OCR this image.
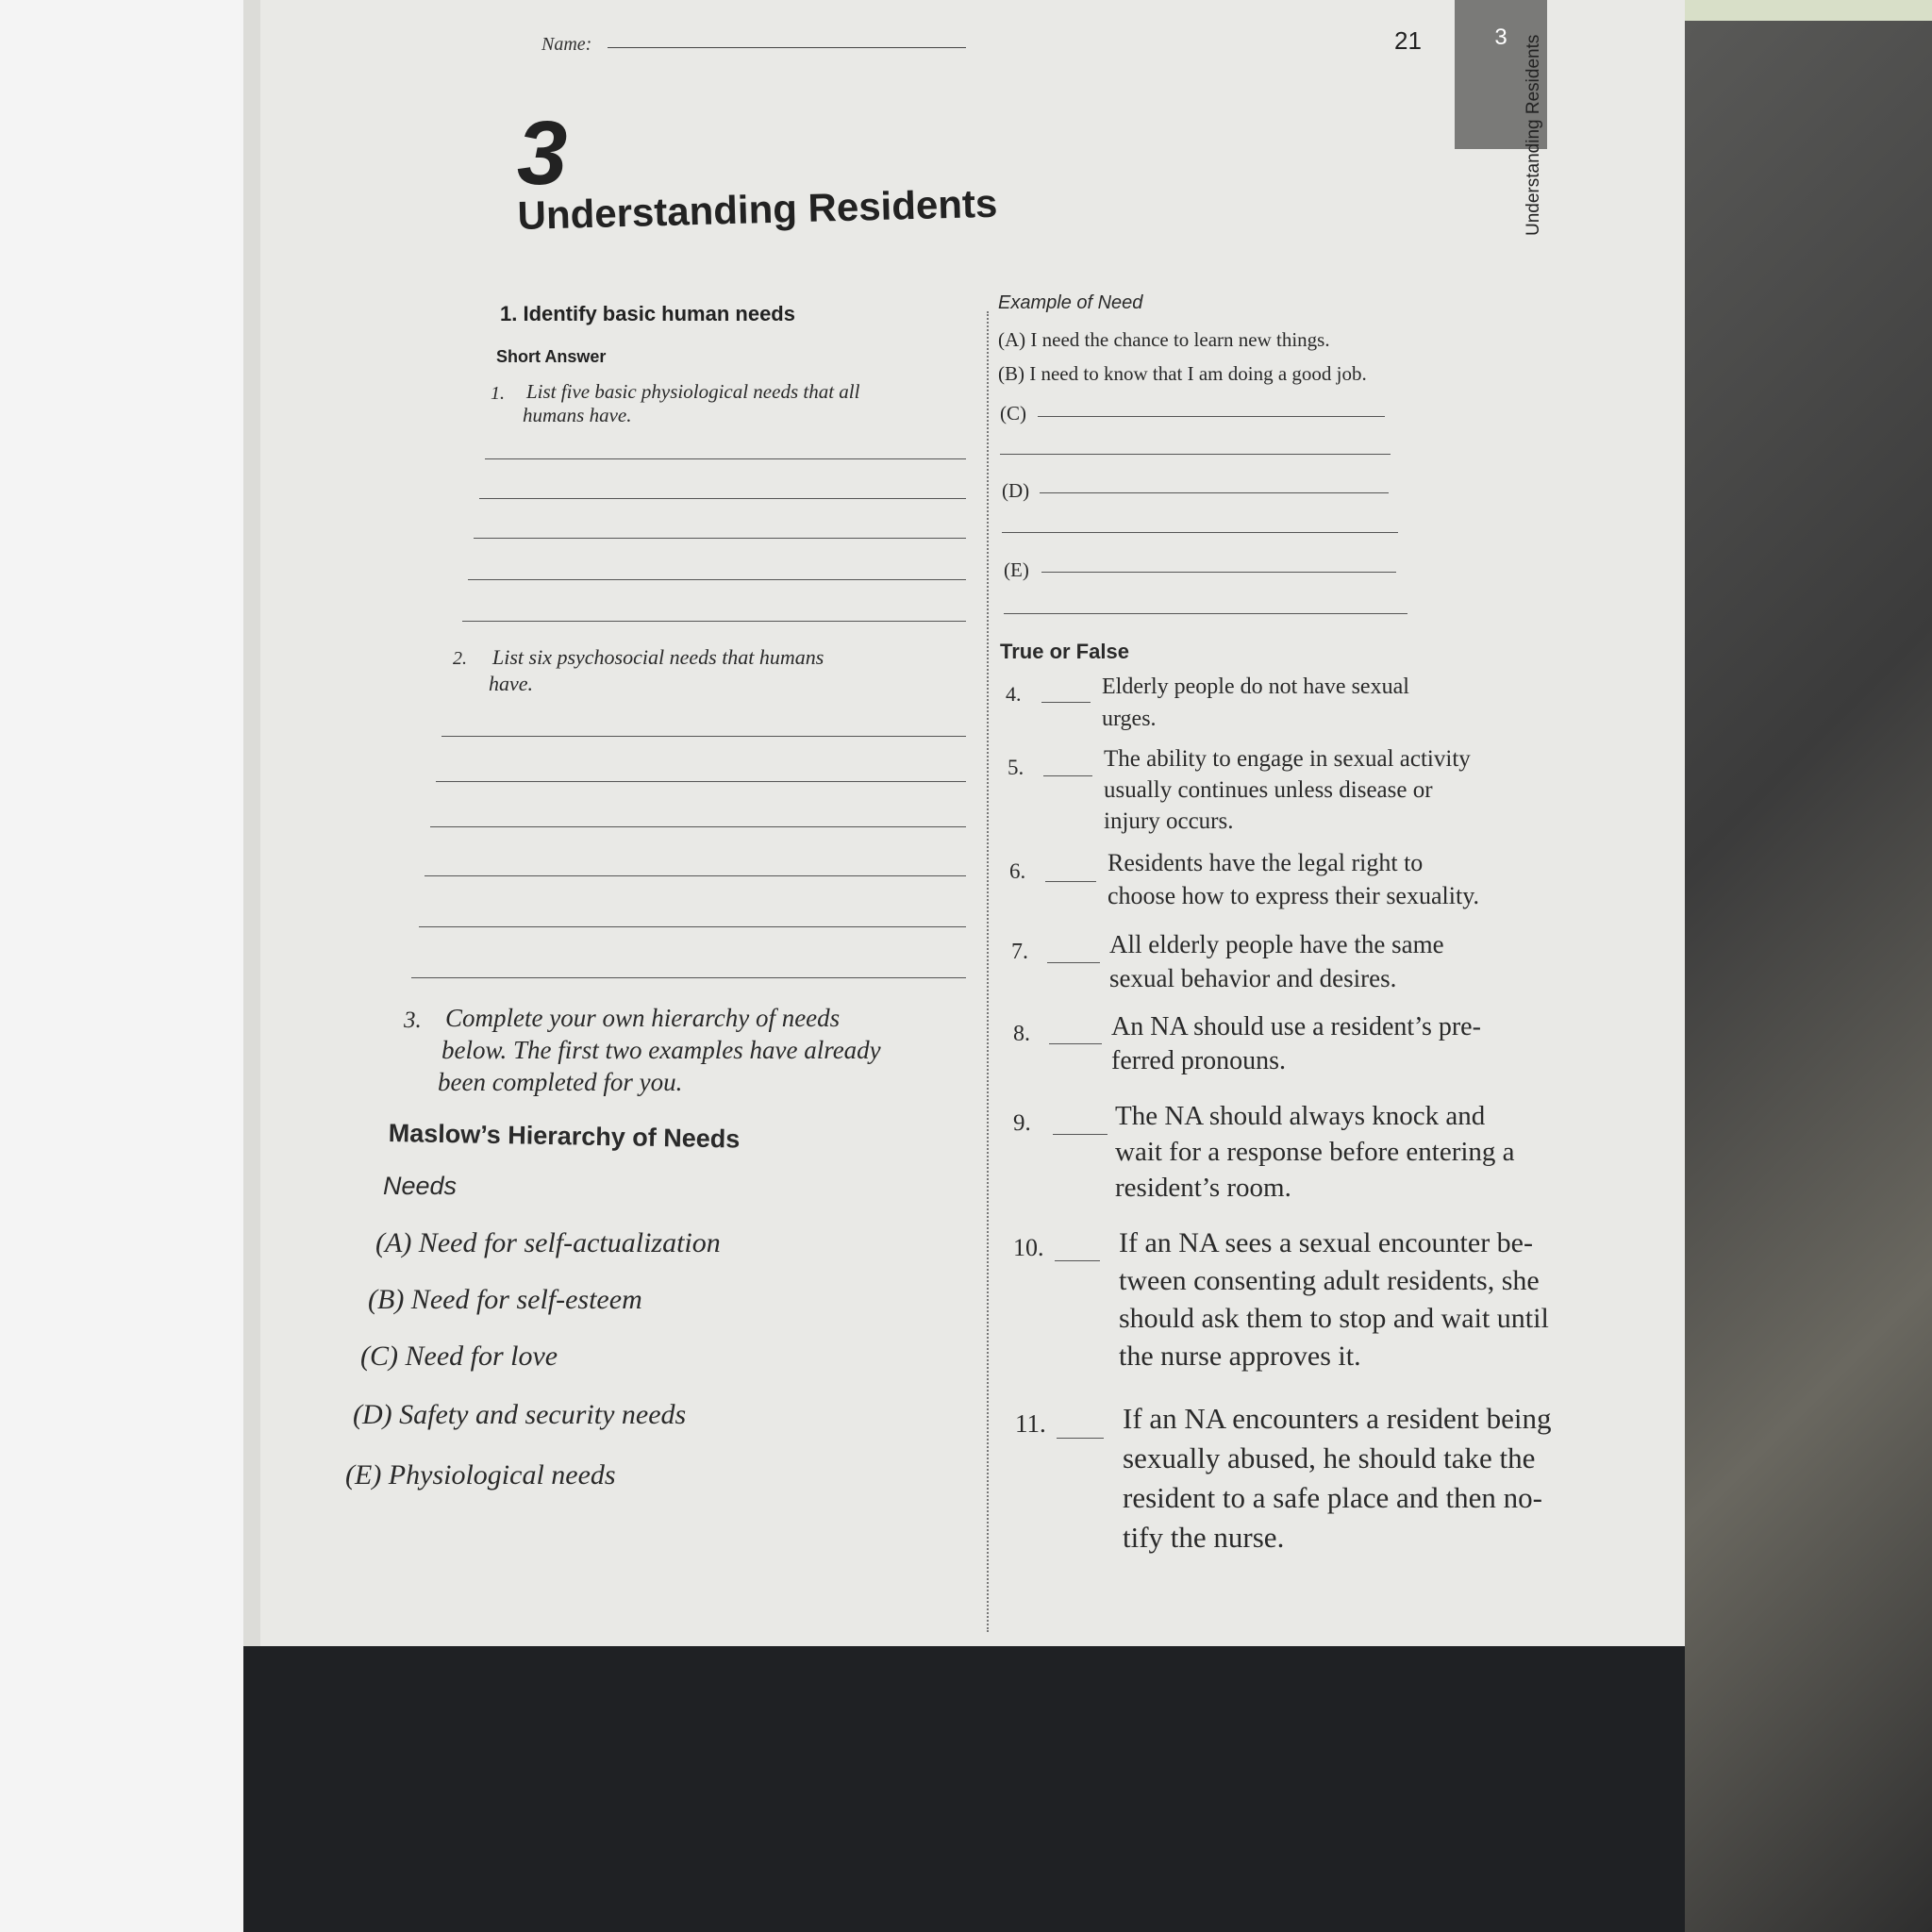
3 Understanding Residents
21
Name:
3
Understanding Residents
1. Identify basic human needs
Short Answer
1. List five basic physiological needs that all
humans have.
2. List six psychosocial needs that humans
have.
3. Complete your own hierarchy of needs
below. The first two examples have already
been completed for you.
Maslow’s Hierarchy of Needs
Needs
(A) Need for self-actualization
(B) Need for self-esteem
(C) Need for love
(D) Safety and security needs
(E) Physiological needs
Example of Need
(A) I need the chance to learn new things.
(B) I need to know that I am doing a good job.
(C)
(D)
(E)
True or False
4.	Elderly people do not have sexual
urges.
5.	The ability to engage in sexual activity
usually continues unless disease or
injury occurs.
6.	Residents have the legal right to
choose how to express their sexuality.
7.	All elderly people have the same
sexual behavior and desires.
8.	An NA should use a resident’s pre-
ferred pronouns.
9.	The NA should always knock and
wait for a response before entering a
resident’s room.
10.	If an NA sees a sexual encounter be-
tween consenting adult residents, she
should ask them to stop and wait until
the nurse approves it.
11.	If an NA encounters a resident being
sexually abused, he should take the
resident to a safe place and then no-
tify the nurse.
